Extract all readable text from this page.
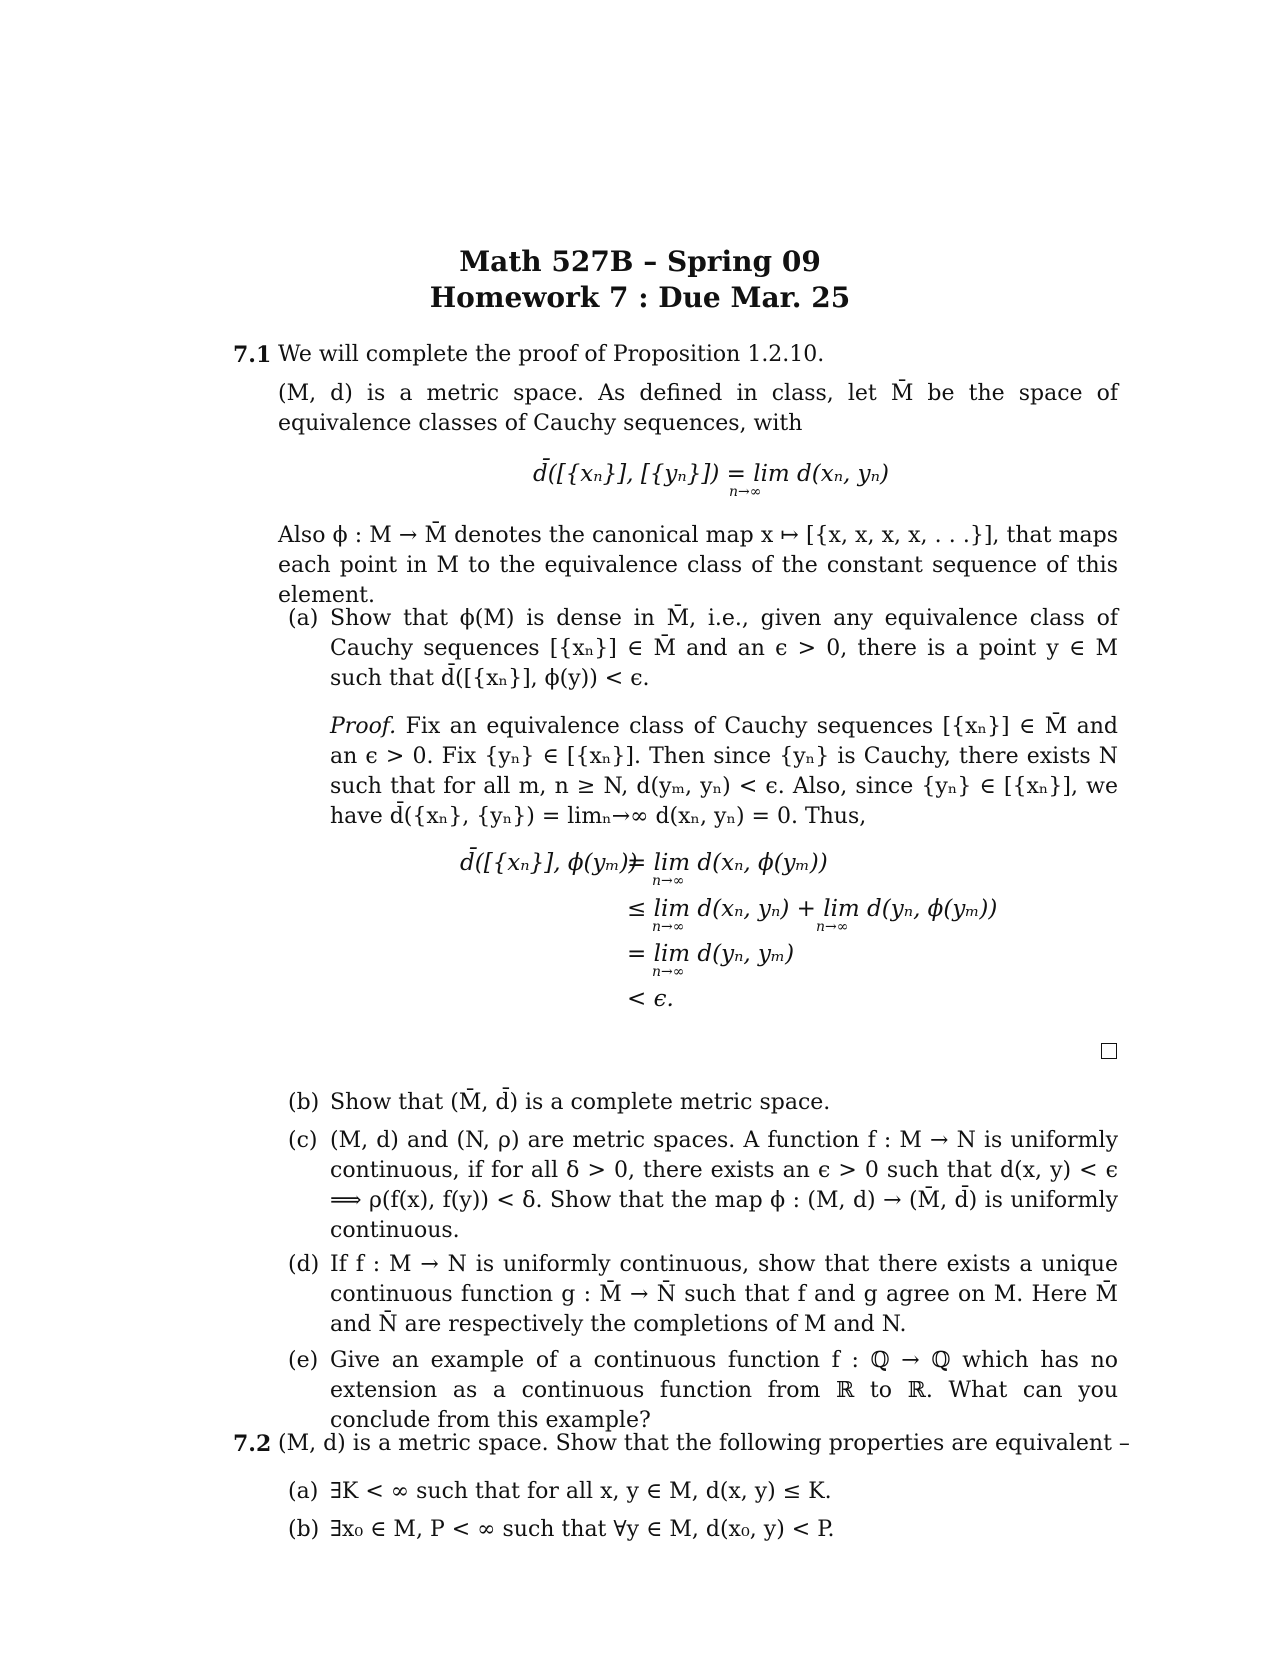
Math 527B – Spring 09
Homework 7 : Due Mar. 25
7.1 We will complete the proof of Proposition 1.2.10.
(M, d) is a metric space. As defined in class, let M̄ be the space of equivalence classes of Cauchy sequences, with
d̄([{xₙ}], [{yₙ}]) = lim d(xₙ, yₙ)
n→∞
Also ϕ : M → M̄ denotes the canonical map x ↦ [{x, x, x, x, . . .}], that maps each point in M to the equivalence class of the constant sequence of this element.
(a) Show that ϕ(M) is dense in M̄, i.e., given any equivalence class of Cauchy sequences [{xₙ}] ∈ M̄ and an ϵ > 0, there is a point y ∈ M such that d̄([{xₙ}], ϕ(y)) < ϵ.
Proof. Fix an equivalence class of Cauchy sequences [{xₙ}] ∈ M̄ and an ϵ > 0. Fix {yₙ} ∈ [{xₙ}]. Then since {yₙ} is Cauchy, there exists N such that for all m, n ≥ N, d(yₘ, yₙ) < ϵ. Also, since {yₙ} ∈ [{xₙ}], we have d̄({xₙ}, {yₙ}) = limₙ→∞ d(xₙ, yₙ) = 0. Thus,
d̄([{xₙ}], ϕ(yₘ))
= lim d(xₙ, ϕ(yₘ))
n→∞
≤ lim d(xₙ, yₙ) + lim d(yₙ, ϕ(yₘ))
n→∞	n→∞
= lim d(yₙ, yₘ)
n→∞
< ϵ.
(b) Show that (M̄, d̄) is a complete metric space.
(c) (M, d) and (N, ρ) are metric spaces. A function f : M → N is uniformly continuous, if for all δ > 0, there exists an ϵ > 0 such that d(x, y) < ϵ ⟹ ρ(f(x), f(y)) < δ. Show that the map ϕ : (M, d) → (M̄, d̄) is uniformly continuous.
(d) If f : M → N is uniformly continuous, show that there exists a unique continuous function g : M̄ → N̄ such that f and g agree on M. Here M̄ and N̄ are respectively the completions of M and N.
(e) Give an example of a continuous function f : ℚ → ℚ which has no extension as a continuous function from ℝ to ℝ. What can you conclude from this example?
7.2 (M, d) is a metric space. Show that the following properties are equivalent –
(a) ∃K < ∞ such that for all x, y ∈ M, d(x, y) ≤ K.
(b) ∃x₀ ∈ M, P < ∞ such that ∀y ∈ M, d(x₀, y) < P.
